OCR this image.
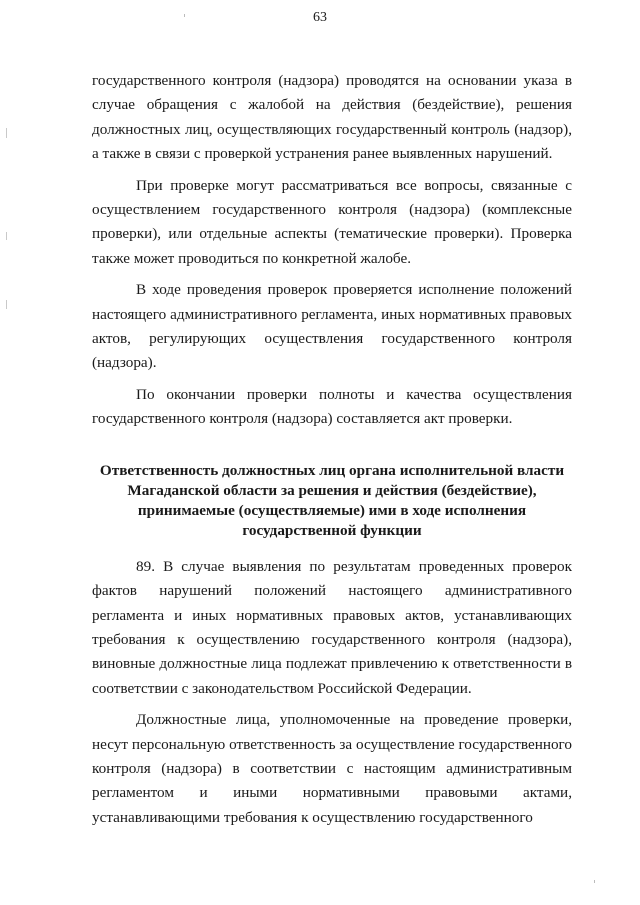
63

государственного контроля (надзора) проводятся на основании указа в случае обращения с жалобой на действия (бездействие), решения должностных лиц, осуществляющих государственный контроль (надзор), а также в связи с проверкой устранения ранее выявленных нарушений.

При проверке могут рассматриваться все вопросы, связанные с осуществлением государственного контроля (надзора) (комплексные проверки), или отдельные аспекты (тематические проверки). Проверка также может проводиться по конкретной жалобе.

В ходе проведения проверок проверяется исполнение положений настоящего административного регламента, иных нормативных правовых актов, регулирующих осуществления государственного контроля (надзора).

По окончании проверки полноты и качества осуществления государственного контроля (надзора) составляется акт проверки.

Ответственность должностных лиц органа исполнительной власти
Магаданской области за решения и действия (бездействие),
принимаемые (осуществляемые) ими в ходе исполнения
государственной функции

89. В случае выявления по результатам проведенных проверок фактов нарушений положений настоящего административного регламента и иных нормативных правовых актов, устанавливающих требования к осуществлению государственного контроля (надзора), виновные должностные лица подлежат привлечению к ответственности в соответствии с законодательством Российской Федерации.

Должностные лица, уполномоченные на проведение проверки, несут персональную ответственность за осуществление государственного контроля (надзора) в соответствии с настоящим административным регламентом и иными нормативными правовыми актами, устанавливающими требования к осуществлению государственного
